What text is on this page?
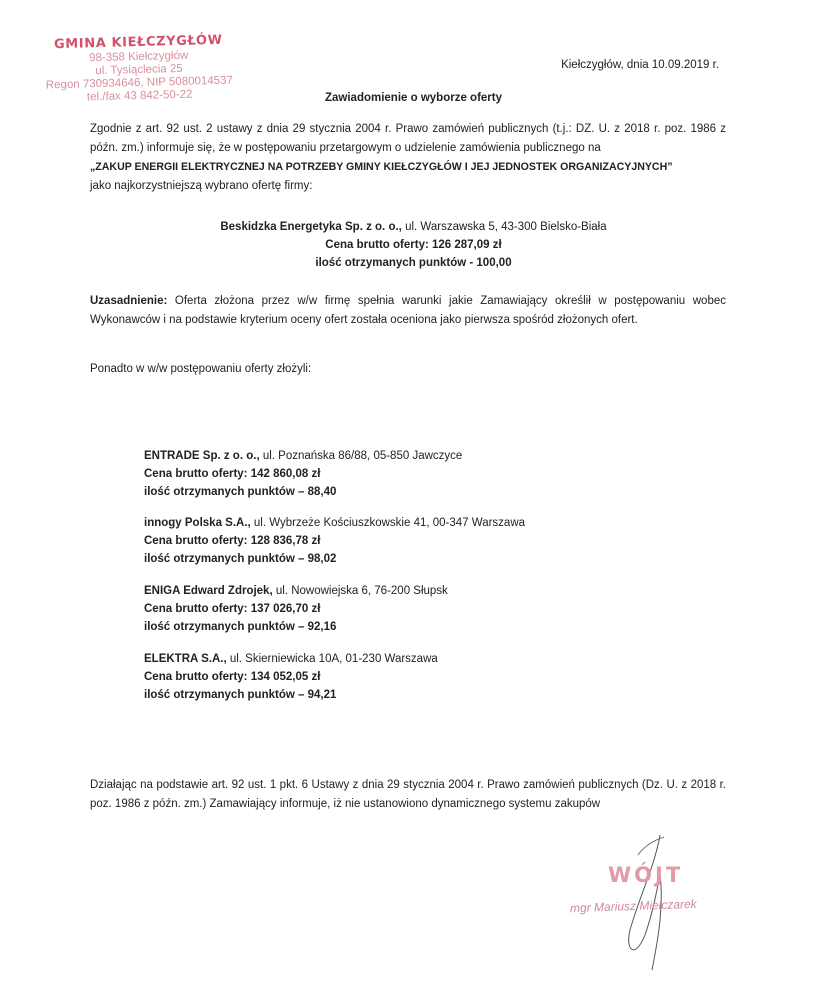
GMINA KIEŁCZYGŁÓW
98-358 Kiełczygłów
ul. Tysiąclecia 25
Regon 730934646, NIP 5080014537
tel./fax 43 842-50-22
Kiełczygłów, dnia 10.09.2019 r.
Zawiadomienie o wyborze oferty
Zgodnie z art. 92 ust. 2 ustawy z dnia 29 stycznia 2004 r. Prawo zamówień publicznych (t.j.: DZ. U. z 2018 r. poz. 1986 z późn. zm.) informuje się, że w postępowaniu przetargowym o udzielenie zamówienia publicznego na
„ZAKUP ENERGII ELEKTRYCZNEJ NA POTRZEBY GMINY KIEŁCZYGŁÓW I JEJ JEDNOSTEK ORGANIZACYJNYCH”
jako najkorzystniejszą wybrano ofertę firmy:
Beskidzka Energetyka Sp. z o. o., ul. Warszawska 5, 43-300 Bielsko-Biała
Cena brutto oferty: 126 287,09 zł
ilość otrzymanych punktów - 100,00
Uzasadnienie: Oferta złożona przez w/w firmę spełnia warunki jakie Zamawiający określił w postępowaniu wobec Wykonawców i na podstawie kryterium oceny ofert została oceniona jako pierwsza spośród złożonych ofert.
Ponadto w w/w postępowaniu oferty złożyli:
ENTRADE Sp. z o. o., ul. Poznańska 86/88, 05-850 Jawczyce
Cena brutto oferty: 142 860,08 zł
ilość otrzymanych punktów – 88,40
innogy Polska S.A., ul. Wybrzeże Kościuszkowskie 41, 00-347 Warszawa
Cena brutto oferty: 128 836,78 zł
ilość otrzymanych punktów – 98,02
ENIGA Edward Zdrojek, ul. Nowowiejska 6, 76-200 Słupsk
Cena brutto oferty: 137 026,70 zł
ilość otrzymanych punktów – 92,16
ELEKTRA S.A., ul. Skierniewicka 10A, 01-230 Warszawa
Cena brutto oferty: 134 052,05 zł
ilość otrzymanych punktów – 94,21
Działając na podstawie art. 92 ust. 1 pkt. 6 Ustawy z dnia 29 stycznia 2004 r. Prawo zamówień publicznych (Dz. U. z 2018 r. poz. 1986 z późn. zm.) Zamawiający informuje, iż nie ustanowiono dynamicznego systemu zakupów
WÓJT
mgr Mariusz Mielczarek
